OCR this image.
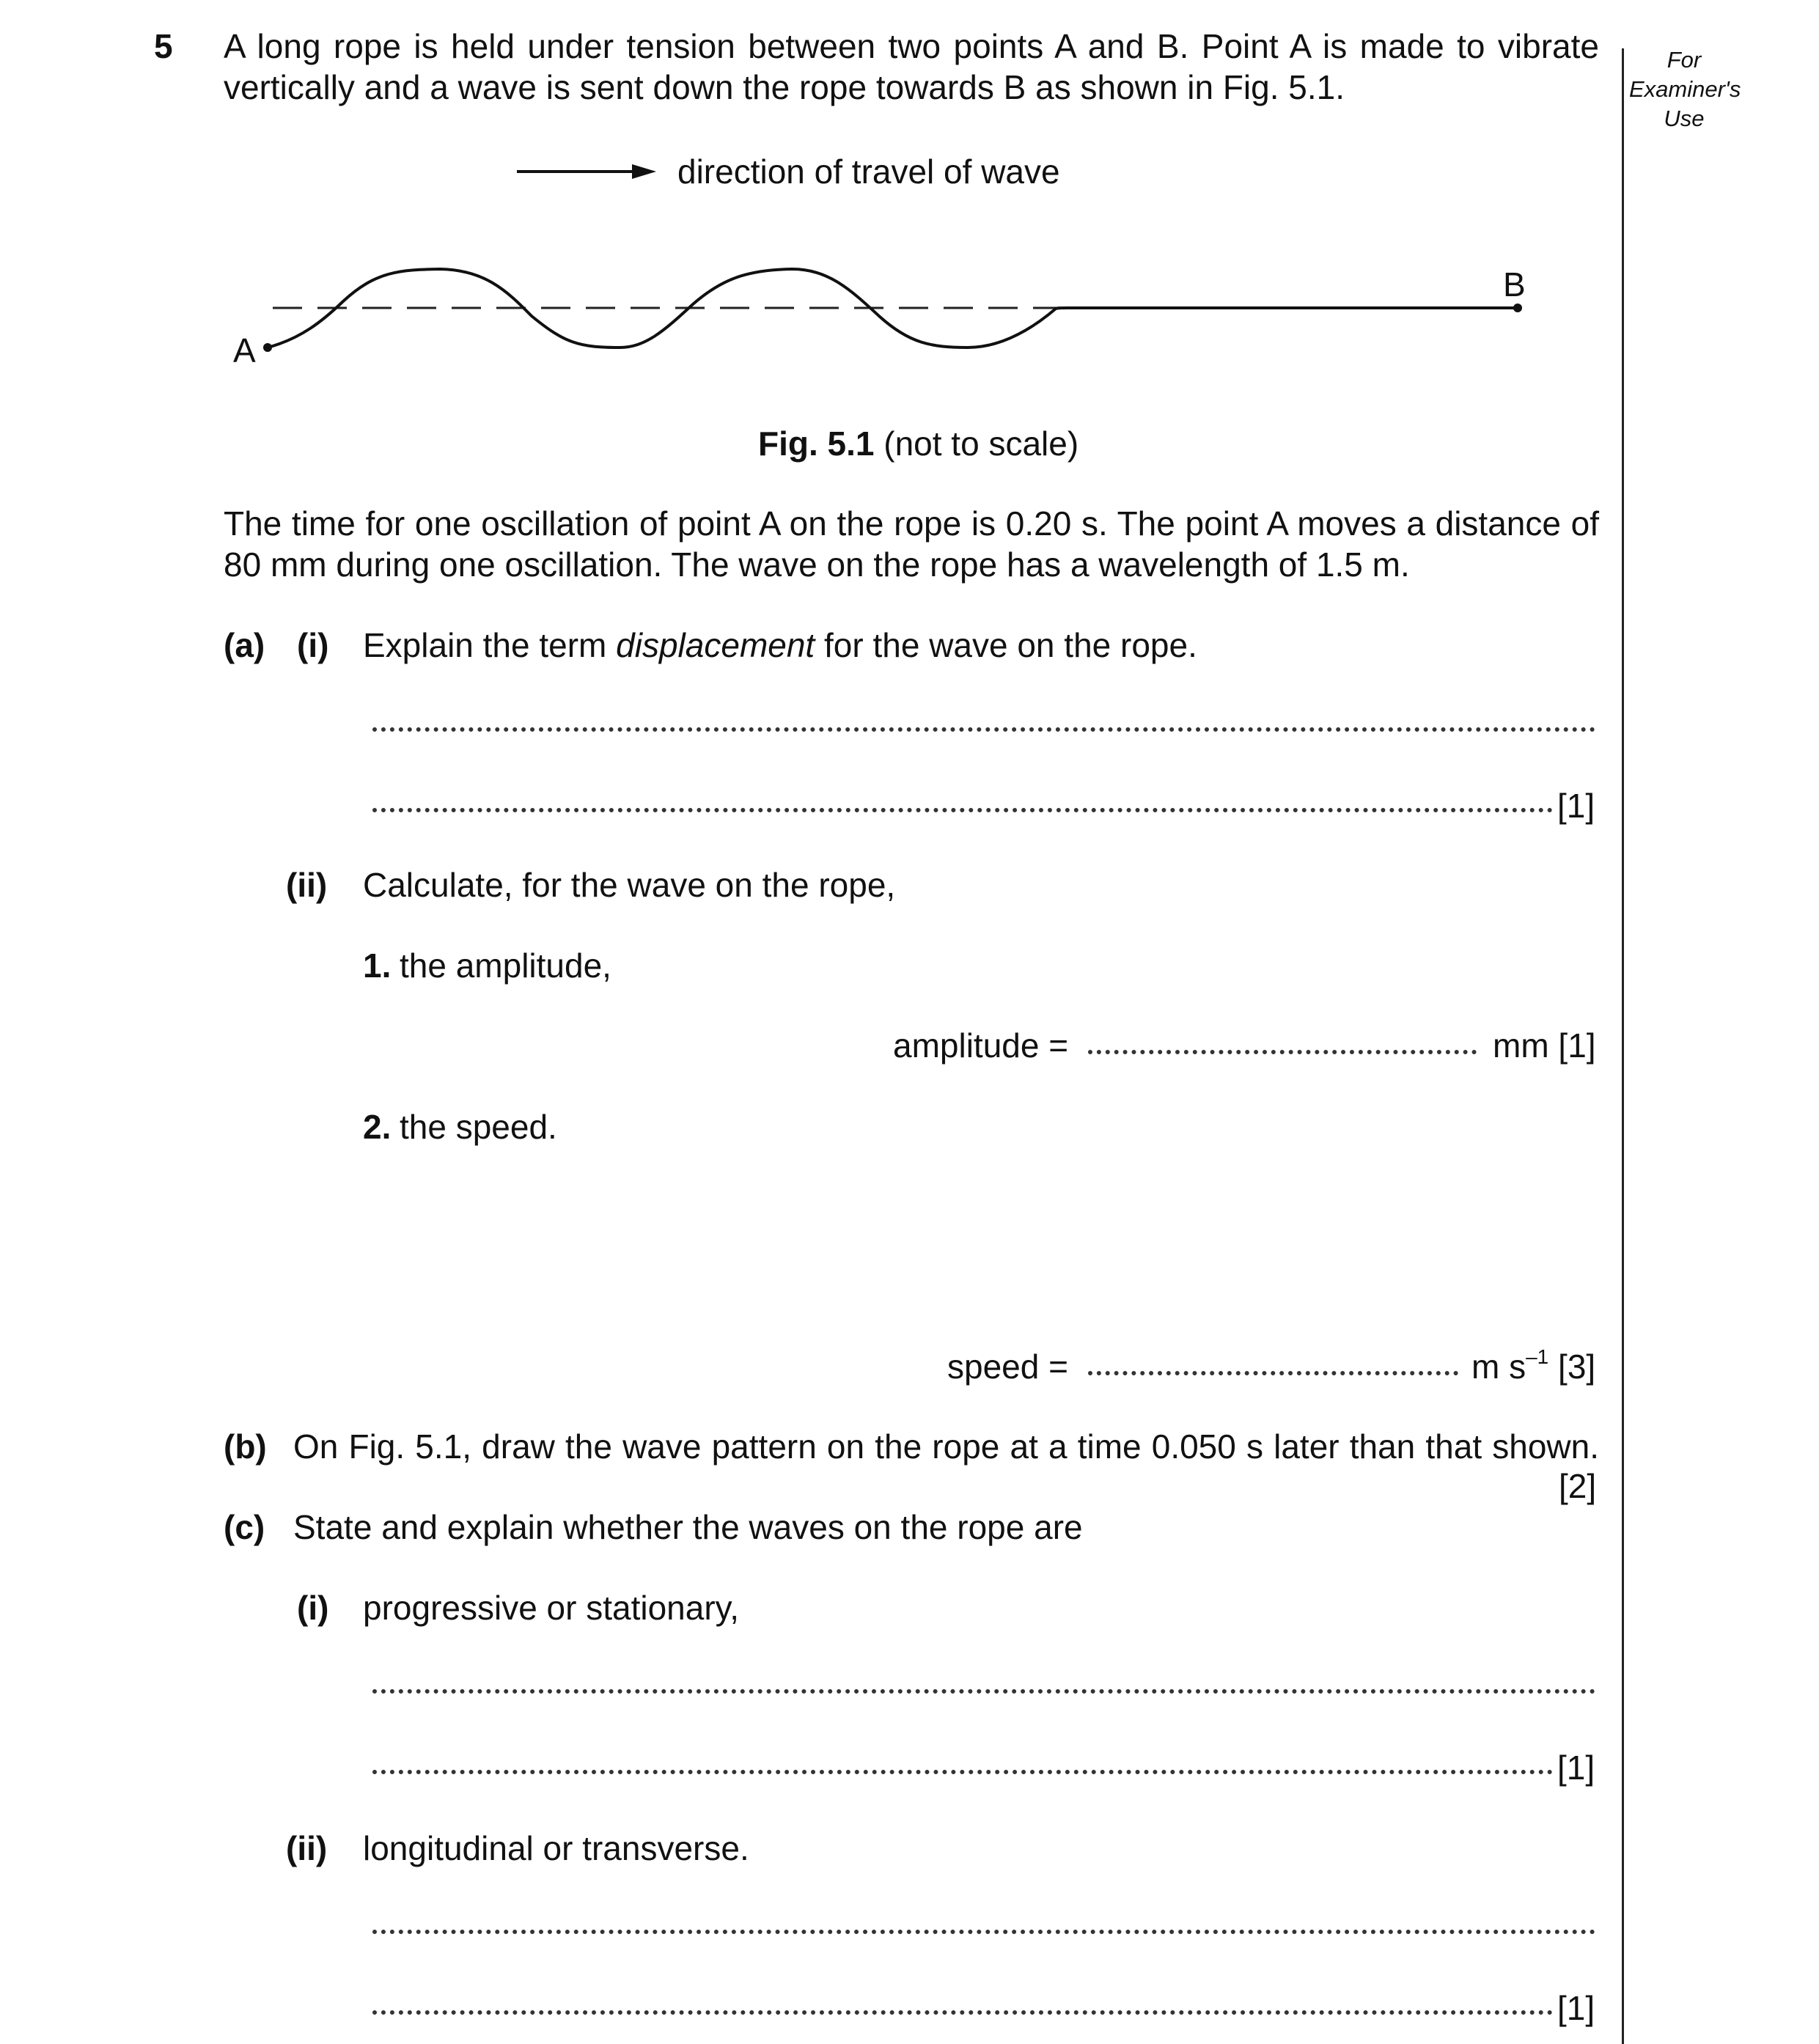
5 A long rope is held under tension between two points A and B. Point A is made to vibrate
vertically and a wave is sent down the rope towards B as shown in Fig. 5.1.
For Examiner's Use
direction of travel of wave
A
B
Fig. 5.1 (not to scale)
The time for one oscillation of point A on the rope is 0.20 s. The point A moves a distance of
80 mm during one oscillation. The wave on the rope has a wavelength of 1.5 m.
(a) (i) Explain the term displacement for the wave on the rope.
[1]
(ii) Calculate, for the wave on the rope,
1. the amplitude,
amplitude =	mm [1]
2. the speed.
speed =	m $s^{-1}$ [3]
(b) On Fig. 5.1, draw the wave pattern on the rope at a time 0.050 s later than that shown.
[2]
(c) State and explain whether the waves on the rope are
(i) progressive or stationary,
[1]
(ii) longitudinal or transverse.
[1]
